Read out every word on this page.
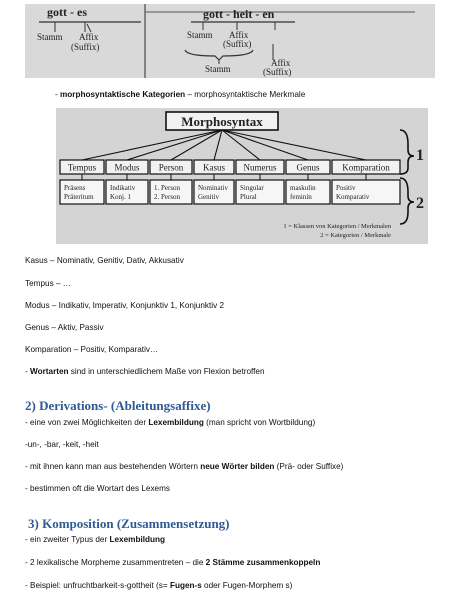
gott - es
Stamm Affix
(Suffix)
gott - heit - en
Stamm Affix
(Suffix)
Stamm
Affix
(Suffix)
- morphosyntaktische Kategorien – morphosyntaktische Merkmale
Morphosyntax
Tempus Modus Person Kasus Numerus Genus	Komparation
Präsens
Präteritum
Indikativ
Konj. 1
1. Person
2. Person
Nominativ
Genitiv
Singular
Plural
maskulin
feminin
Positiv
Komparativ
1
2
1 = Klassen von Kategorien / Merkmalen
2 = Kategorien / Merkmale
Kasus – Nominativ, Genitiv, Dativ, Akkusativ
Tempus – …
Modus – Indikativ, Imperativ, Konjunktiv 1, Konjunktiv 2
Genus – Aktiv, Passiv
Komparation – Positiv, Komparativ…
- Wortarten sind in unterschiedlichem Maße von Flexion betroffen
2) Derivations- (Ableitungsaffixe)
- eine von zwei Möglichkeiten der Lexembildung (man spricht von Wortbildung)
-un-, -bar, -keit, -heit
- mit ihnen kann man aus bestehenden Wörtern neue Wörter bilden (Prä- oder Suffixe)
- bestimmen oft die Wortart des Lexems
3) Komposition (Zusammensetzung)
- ein zweiter Typus der Lexembildung
- 2 lexikalische Morpheme zusammentreten – die 2 Stämme zusammenkoppeln
- Beispiel: unfruchtbarkeit-s-gottheit (s= Fugen-s oder Fugen-Morphem s)
